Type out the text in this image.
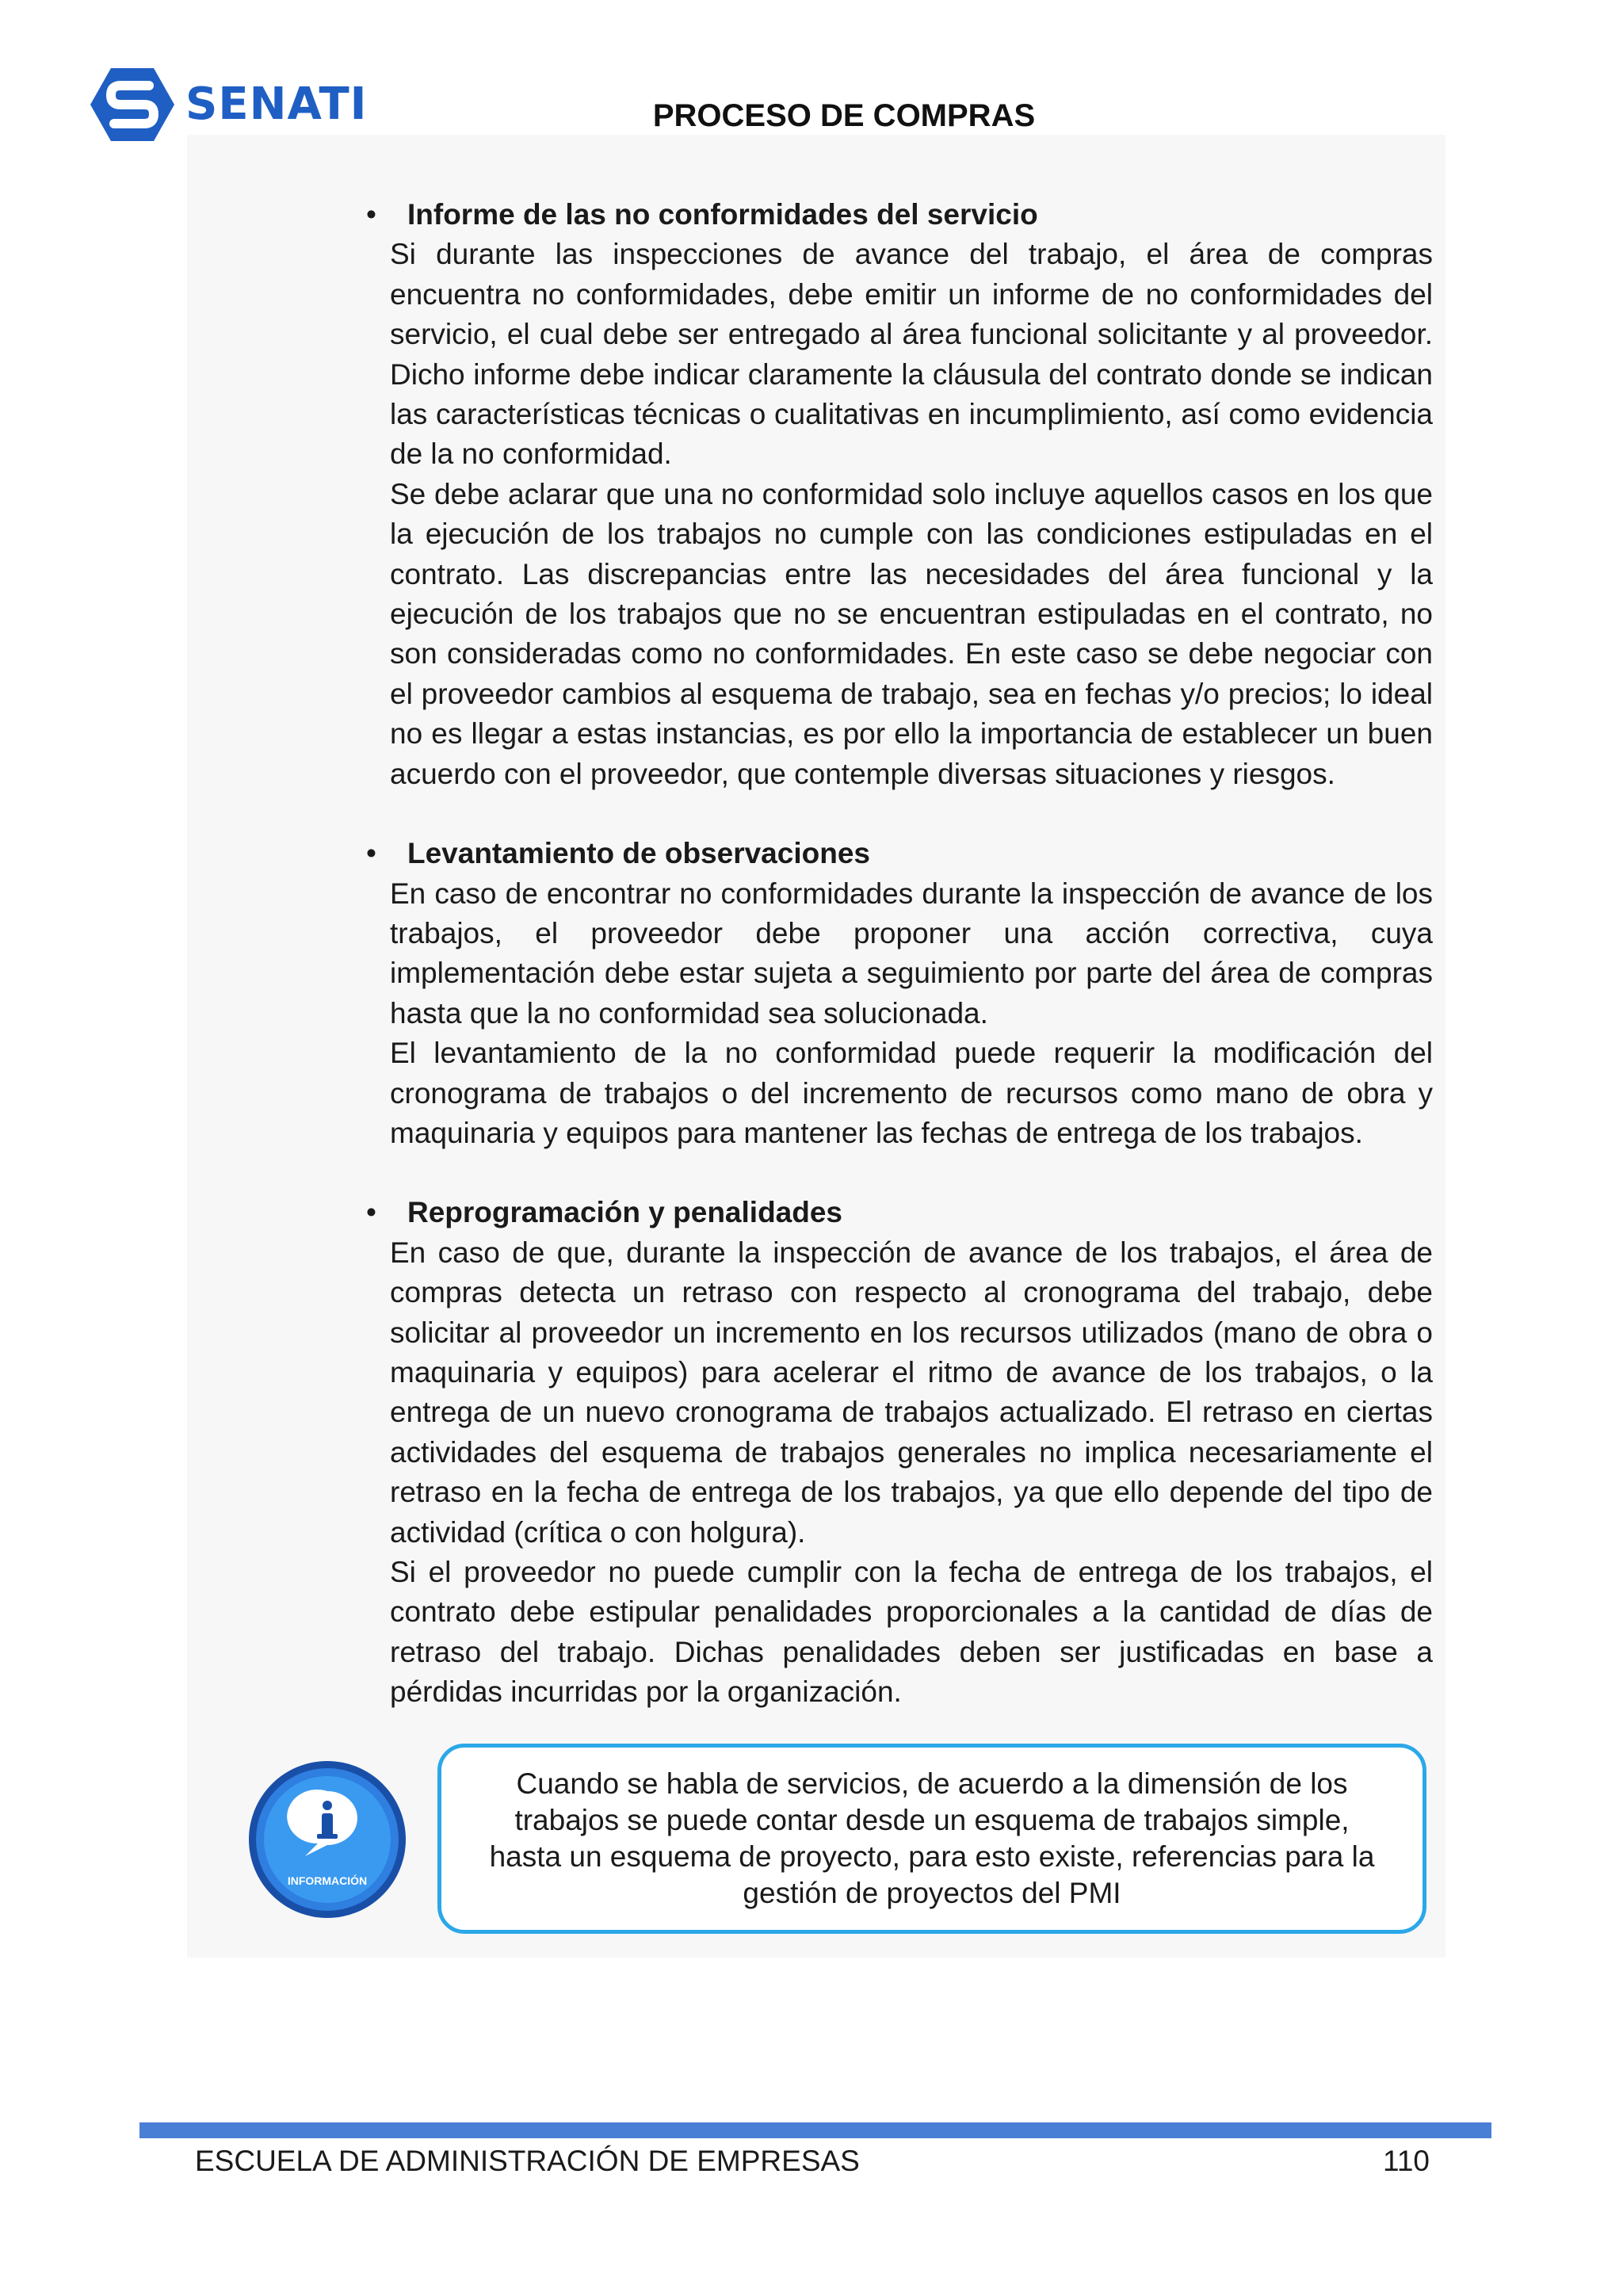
SENATI	PROCESO DE COMPRAS
• Informe de las no conformidades del servicio

Si durante las inspecciones de avance del trabajo, el área de compras encuentra no conformidades, debe emitir un informe de no conformidades del servicio, el cual debe ser entregado al área funcional solicitante y al proveedor. Dicho informe debe indicar claramente la cláusula del contrato donde se indican las características técnicas o cualitativas en incumplimiento, así como evidencia de la no conformidad.

Se debe aclarar que una no conformidad solo incluye aquellos casos en los que la ejecución de los trabajos no cumple con las condiciones estipuladas en el contrato. Las discrepancias entre las necesidades del área funcional y la ejecución de los trabajos que no se encuentran estipuladas en el contrato, no son consideradas como no conformidades. En este caso se debe negociar con el proveedor cambios al esquema de trabajo, sea en fechas y/o precios; lo ideal no es llegar a estas instancias, es por ello la importancia de establecer un buen acuerdo con el proveedor, que contemple diversas situaciones y riesgos.

• Levantamiento de observaciones

En caso de encontrar no conformidades durante la inspección de avance de los trabajos, el proveedor debe proponer una acción correctiva, cuya implementación debe estar sujeta a seguimiento por parte del área de compras hasta que la no conformidad sea solucionada.

El levantamiento de la no conformidad puede requerir la modificación del cronograma de trabajos o del incremento de recursos como mano de obra y maquinaria y equipos para mantener las fechas de entrega de los trabajos.

• Reprogramación y penalidades

En caso de que, durante la inspección de avance de los trabajos, el área de compras detecta un retraso con respecto al cronograma del trabajo, debe solicitar al proveedor un incremento en los recursos utilizados (mano de obra o maquinaria y equipos) para acelerar el ritmo de avance de los trabajos, o la entrega de un nuevo cronograma de trabajos actualizado. El retraso en ciertas actividades del esquema de trabajos generales no implica necesariamente el retraso en la fecha de entrega de los trabajos, ya que ello depende del tipo de actividad (crítica o con holgura).

Si el proveedor no puede cumplir con la fecha de entrega de los trabajos, el contrato debe estipular penalidades proporcionales a la cantidad de días de retraso del trabajo. Dichas penalidades deben ser justificadas en base a pérdidas incurridas por la organización.

INFORMACIÓN
Cuando se habla de servicios, de acuerdo a la dimensión de los trabajos se puede contar desde un esquema de trabajos simple, hasta un esquema de proyecto, para esto existe, referencias para la gestión de proyectos del PMI
ESCUELA DE ADMINISTRACIÓN DE EMPRESAS	110
